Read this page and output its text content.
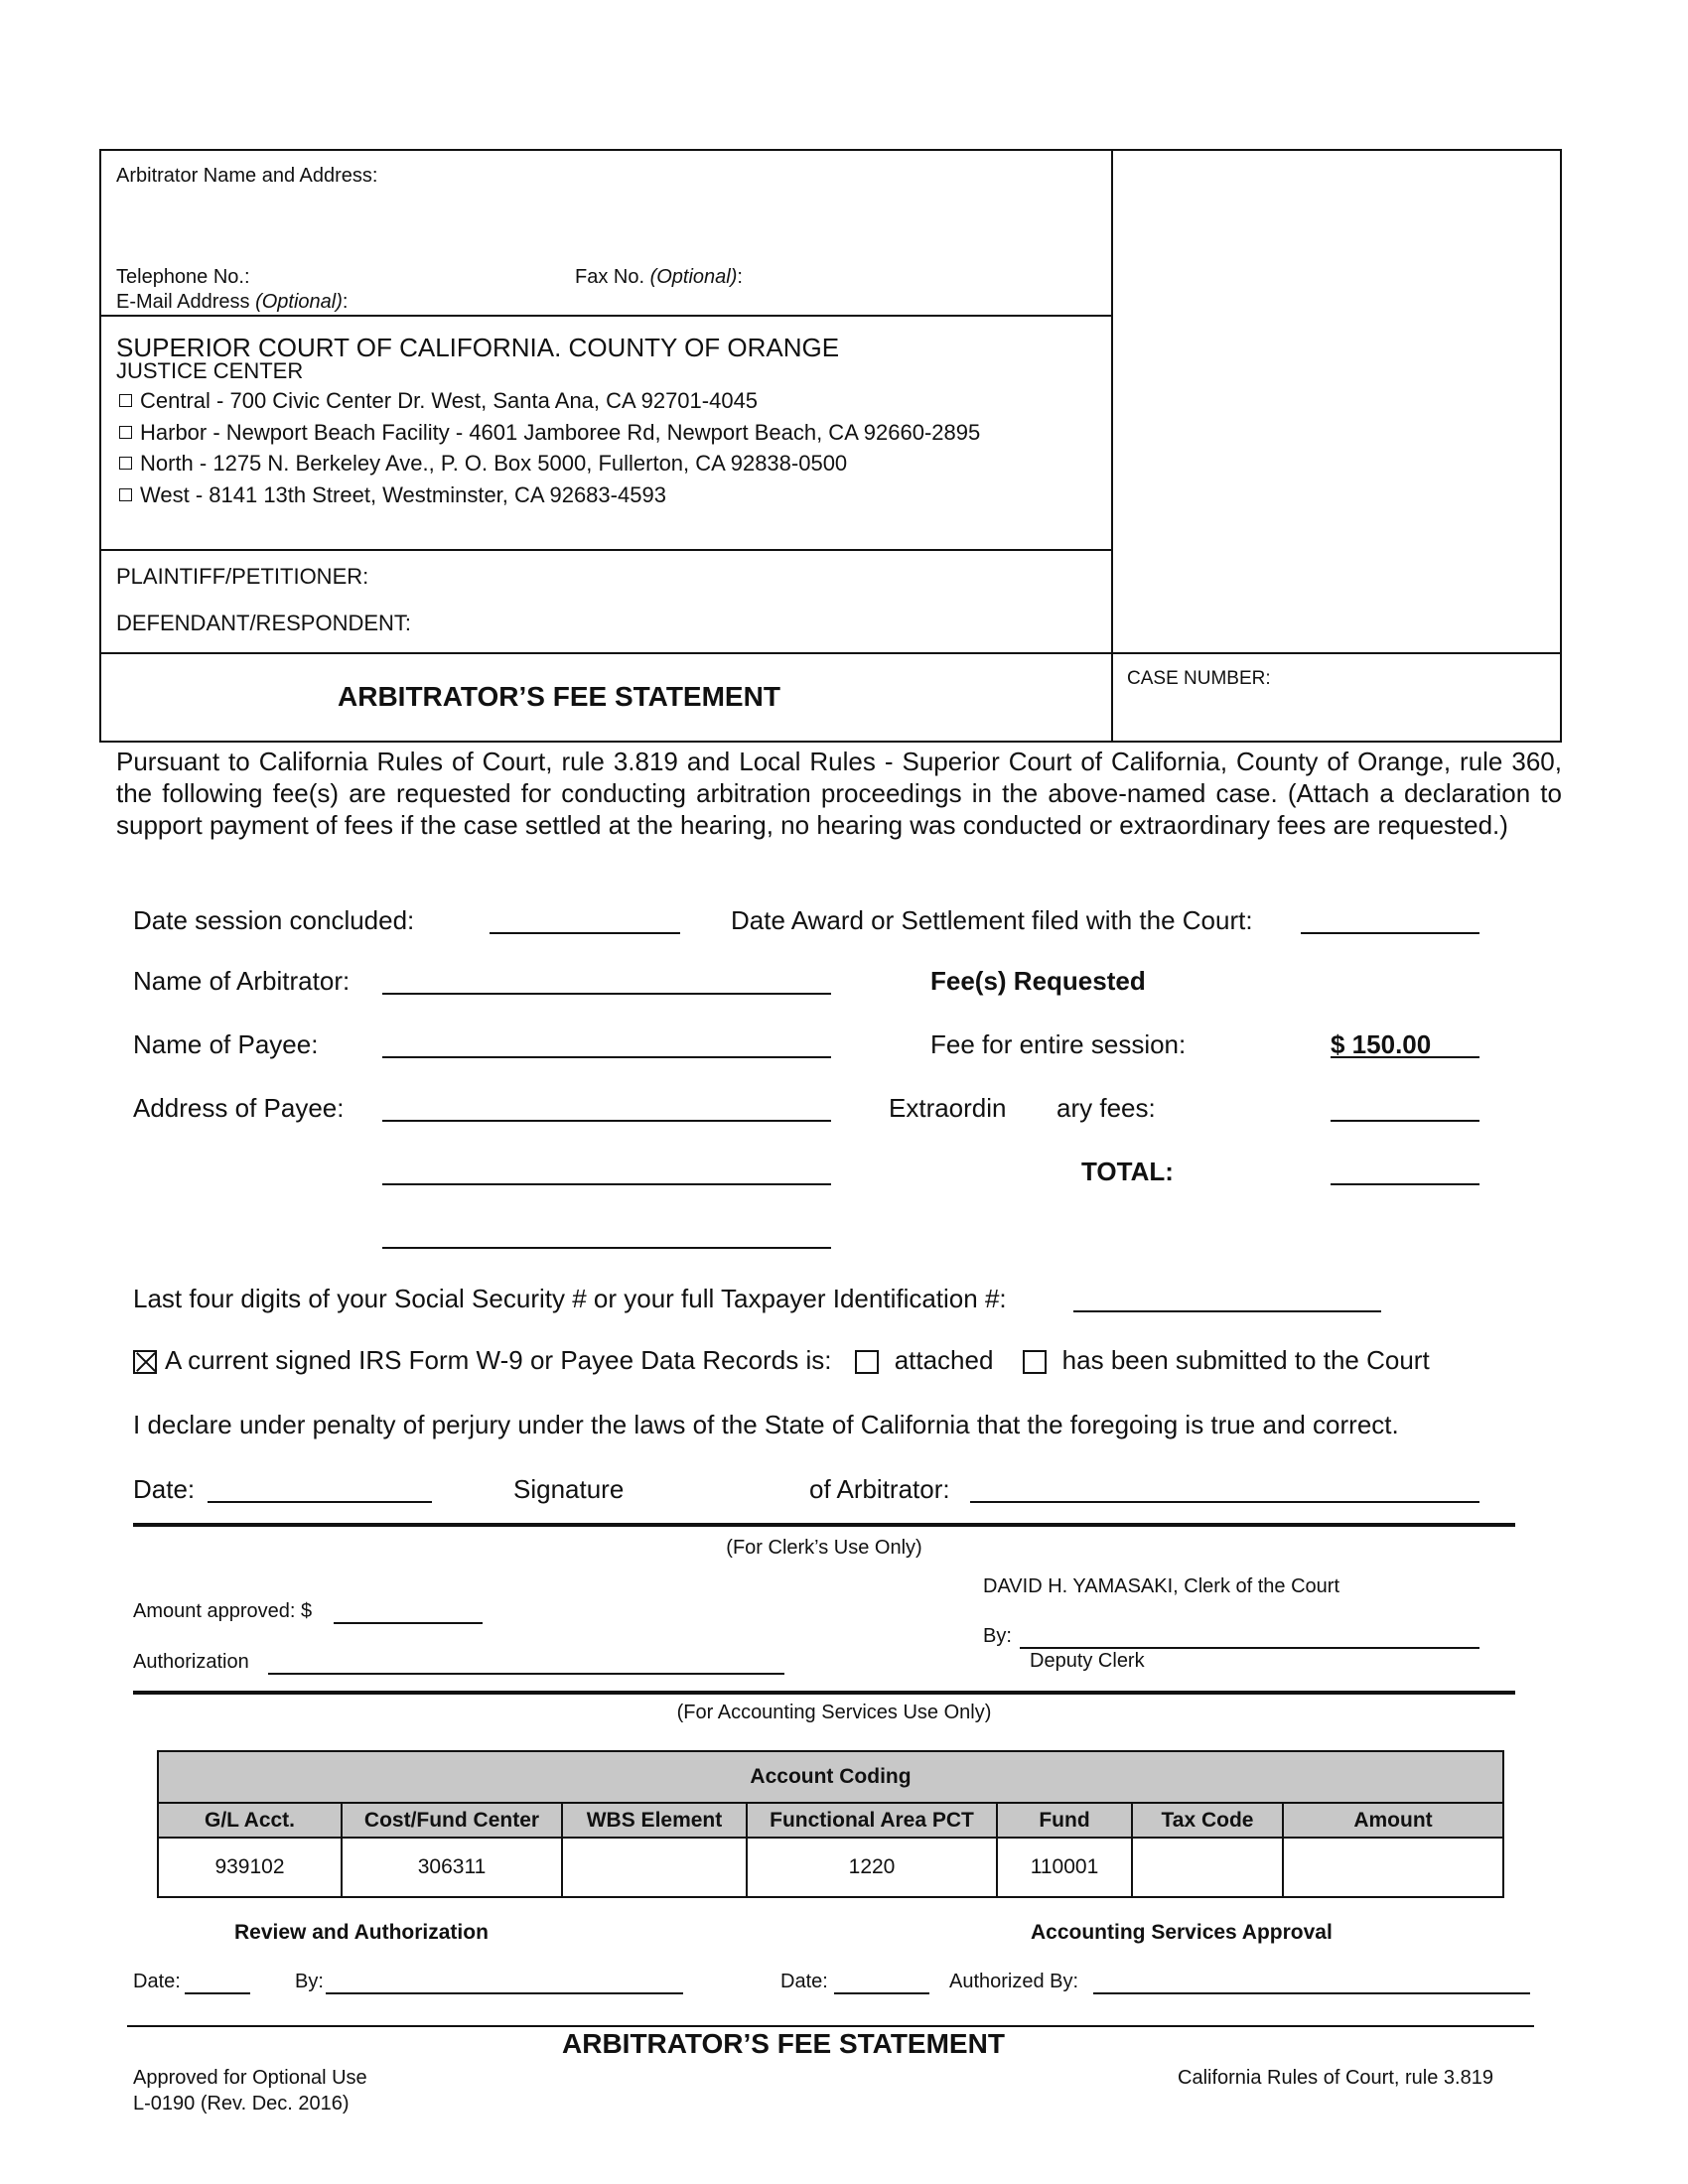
Arbitrator Name and Address:
Telephone No.:	Fax No. (Optional):
E-Mail Address (Optional):
SUPERIOR COURT OF CALIFORNIA. COUNTY OF ORANGE
JUSTICE CENTER
Central - 700 Civic Center Dr. West, Santa Ana, CA 92701-4045
Harbor - Newport Beach Facility - 4601 Jamboree Rd, Newport Beach, CA 92660-2895
North - 1275 N. Berkeley Ave., P. O. Box 5000, Fullerton, CA 92838-0500
West - 8141 13th Street, Westminster, CA 92683-4593
PLAINTIFF/PETITIONER:
DEFENDANT/RESPONDENT:
ARBITRATOR’S FEE STATEMENT
CASE NUMBER:
Pursuant to California Rules of Court, rule 3.819 and Local Rules - Superior Court of California, County of Orange, rule 360, the following fee(s) are requested for conducting arbitration proceedings in the above-named case. (Attach a declaration to support payment of fees if the case settled at the hearing, no hearing was conducted or extraordinary fees are requested.)
Date session concluded:	Date Award or Settlement filed with the Court:
Name of Arbitrator:	Fee(s) Requested
Name of Payee:	Fee for entire session:	$ 150.00
Address of Payee:	Extraordin ary fees:
TOTAL:
Last four digits of your Social Security # or your full Taxpayer Identification #:
A current signed IRS Form W-9 or Payee Data Records is: attached	has been submitted to the Court
I declare under penalty of perjury under the laws of the State of California that the foregoing is true and correct.
Date:	Signature	of Arbitrator:
(For Clerk’s Use Only)
DAVID H. YAMASAKI, Clerk of the Court
Amount approved: $
By:
Authorization	Deputy Clerk
(For Accounting Services Use Only)
Account Coding						
G/L Acct.	Cost/Fund Center	WBS Element	Functional Area PCT	Fund	Tax Code	Amount
939102	306311		1220	110001		
Review and Authorization	Accounting Services Approval
Date:	By:	Date:	Authorized By:
ARBITRATOR’S FEE STATEMENT
Approved for Optional Use
L-0190 (Rev. Dec. 2016)
California Rules of Court, rule 3.819
